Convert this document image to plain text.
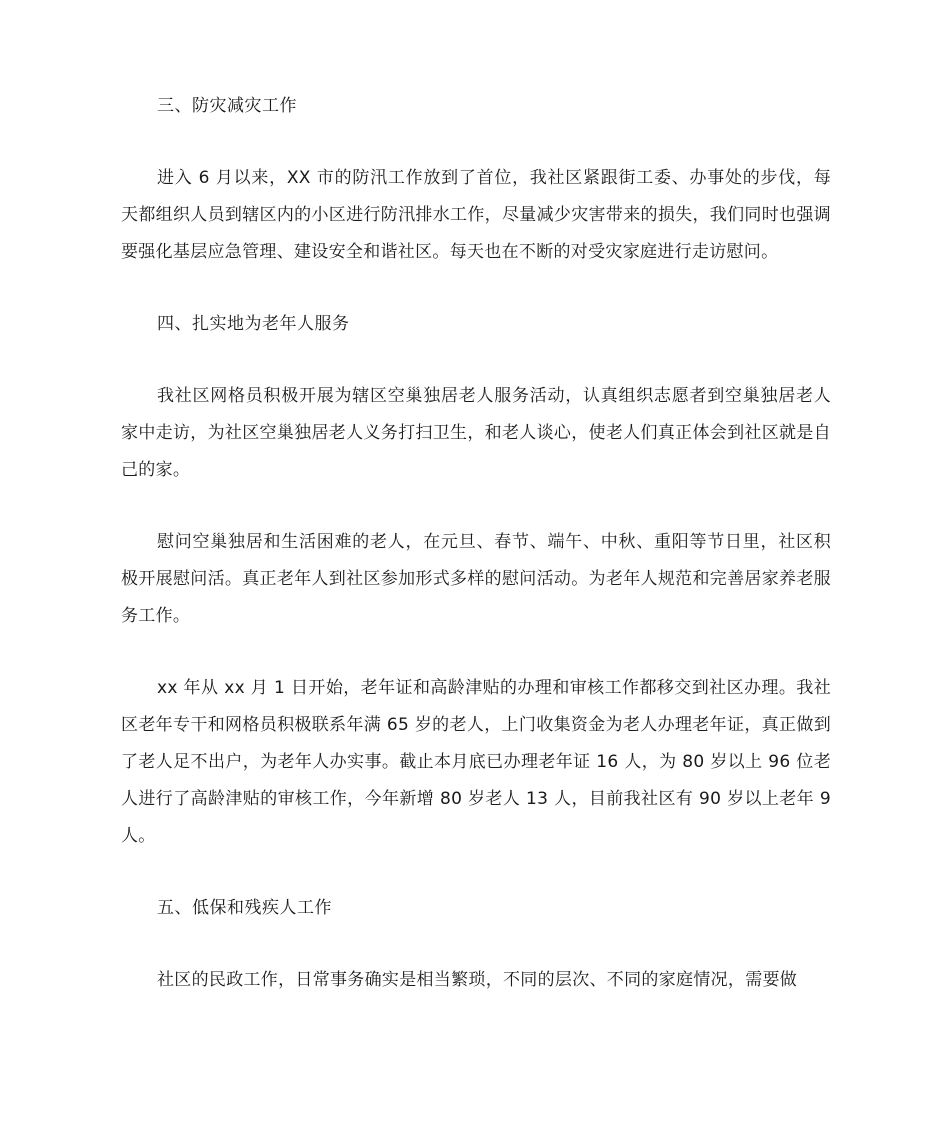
三、防灾减灾工作
进入 6 月以来，XX 市的防汛工作放到了首位，我社区紧跟街工委、办事处的步伐，每天都组织人员到辖区内的小区进行防汛排水工作，尽量减少灾害带来的损失，我们同时也强调要强化基层应急管理、建设安全和谐社区。每天也在不断的对受灾家庭进行走访慰问。
四、扎实地为老年人服务
我社区网格员积极开展为辖区空巢独居老人服务活动，认真组织志愿者到空巢独居老人家中走访，为社区空巢独居老人义务打扫卫生，和老人谈心，使老人们真正体会到社区就是自己的家。
慰问空巢独居和生活困难的老人，在元旦、春节、端午、中秋、重阳等节日里，社区积极开展慰问活。真正老年人到社区参加形式多样的慰问活动。为老年人规范和完善居家养老服务工作。
xx 年从 xx 月 1 日开始，老年证和高龄津贴的办理和审核工作都移交到社区办理。我社区老年专干和网格员积极联系年满 65 岁的老人，上门收集资金为老人办理老年证，真正做到了老人足不出户，为老年人办实事。截止本月底已办理老年证 16 人，为 80 岁以上 96 位老人进行了高龄津贴的审核工作，今年新增 80 岁老人 13 人，目前我社区有 90 岁以上老年 9 人。
五、低保和残疾人工作
社区的民政工作，日常事务确实是相当繁琐，不同的层次、不同的家庭情况，需要做
